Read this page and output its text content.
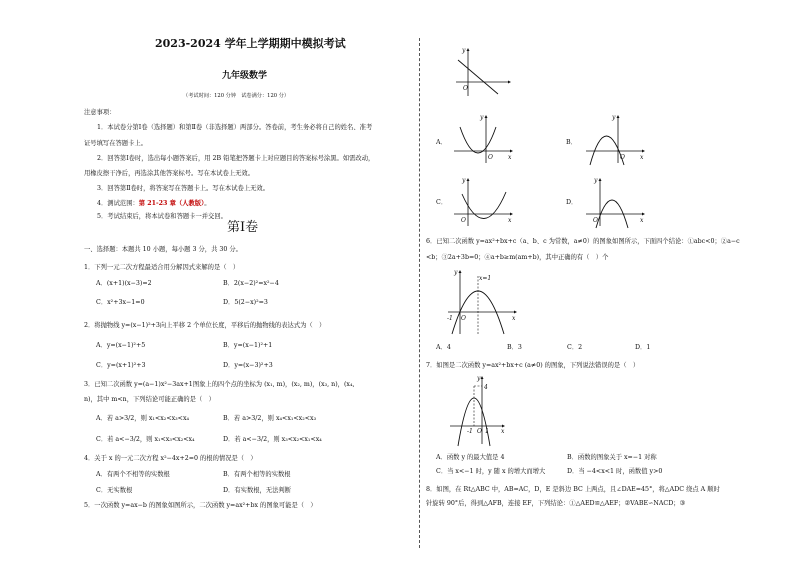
2023-2024 学年上学期期中模拟考试
九年级数学
（考试时间：120 分钟　试卷满分：120 分）
注意事项：
1．本试卷分第Ⅰ卷（选择题）和第Ⅱ卷（非选择题）两部分。答卷前，考生务必将自己的姓名、准考
证号填写在答题卡上。
2．回答第Ⅰ卷时，选出每小题答案后，用 2B 铅笔把答题卡上对应题目的答案标号涂黑。如需改动，
用橡皮擦干净后，再选涂其他答案标号。写在本试卷上无效。
3．回答第Ⅱ卷时，将答案写在答题卡上。写在本试卷上无效。
4．测试范围：第 21-23 章（人教版）。
5．考试结束后，将本试卷和答题卡一并交回。
第Ⅰ卷
一、选择题：本题共 10 小题，每小题 3 分，共 30 分。
1．下列一元二次方程最适合用分解因式来解的是（　）
A．(x+1)(x−3)=2	B．2(x−2)²=x²−4
C．x²+3x−1=0	D．5(2−x)²=3
2．将抛物线 y=(x−1)²+3向上平移 2 个单位长度，平移后的抛物线的表达式为（　）
A．y=(x−1)²+5	B．y=(x−1)²+1
C．y=(x+1)²+3	D．y=(x−3)²+3
3．已知二次函数 y=(a−1)x²−3ax+1图象上的四个点的坐标为 (x₁, m)，(x₂, m)，(x₃, n)，(x₄,
n)，其中 m<n，下列结论可能正确的是（　）
A．若 a>3/2，则 x₁<x₂<x₃<x₄	B．若 a>3/2，则 x₄<x₁<x₂<x₃
C．若 a<−3/2，则 x₁<x₃<x₂<x₄	D．若 a<−3/2，则 x₃<x₂<x₁<x₄
4．关于 x 的一元二次方程 x²−4x+2=0 的根的情况是（　）
A．有两个不相等的实数根	B．有两个相等的实数根
C．无实数根	D．有实数根，无法判断
5．一次函数 y=ax−b 的图象如图所示，二次函数 y=ax²+bx 的图象可能是（　）
y
O
A．
y
O	x
B．
y
O	x
C．
y
O	x
D．
y
O	x
6．已知二次函数 y=ax²+bx+c（a、b、c 为常数，a≠0）的图象如图所示，下面四个结论：①abc<0；②a−c
<b；③2a+3b=0；④a+b≥m(am+b)，其中正确的有（　）个
y
x=1
-1 O	x
A．4	B．3	C．2	D．1
7．如图是二次函数 y=ax²+bx+c (a≠0) 的图象，下列说法错误的是（　）
y
4
-1 O 1 x
A．函数 y 的最大值是 4	B．函数的图象关于 x=−1 对称
C．当 x<−1 时，y 随 x 的增大而增大	D．当 −4<x<1 时，函数值 y>0
8．如图，在 Rt△ABC 中，AB=AC，D，E 是斜边 BC 上两点，且∠DAE=45°，将△ADC 绕点 A 顺时
针旋转 90°后，得到△AFB，连接 EF，下列结论：①△AED≌△AEF；②VABE∽NACD；③
